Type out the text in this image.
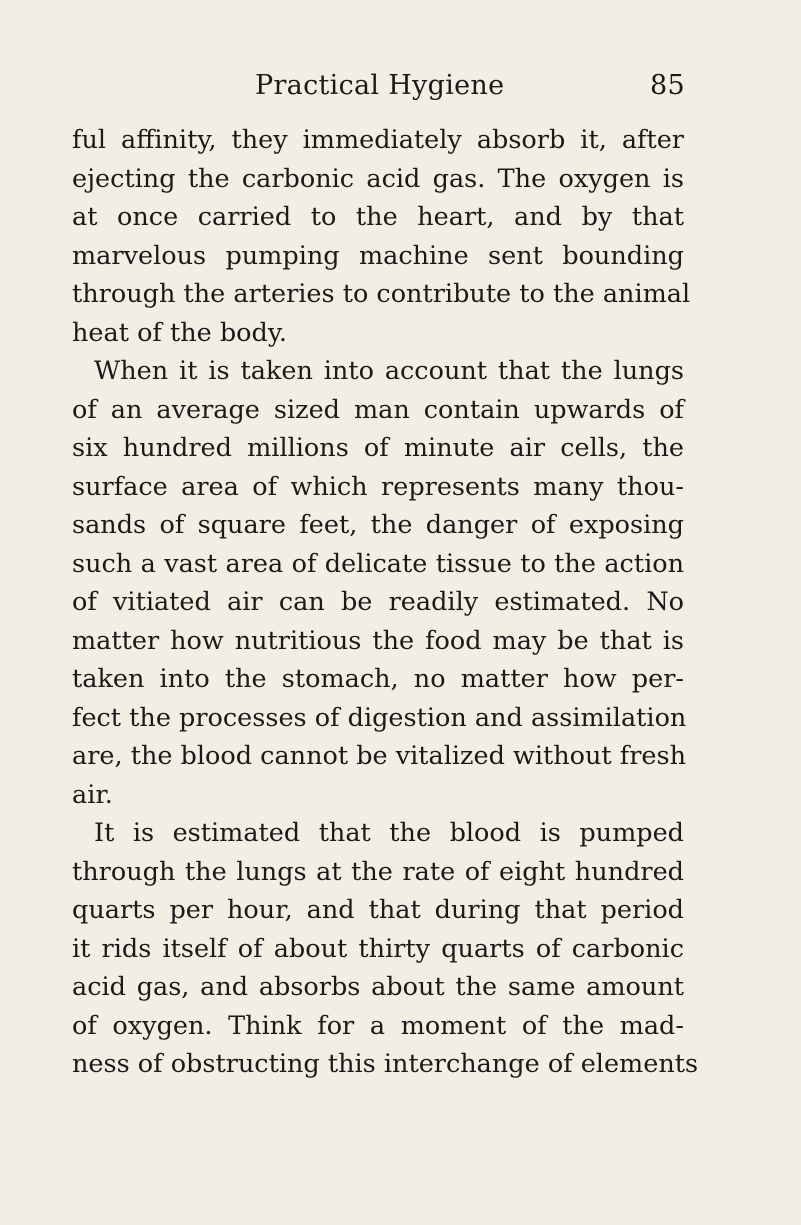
Practical Hygiene	85
ful affinity, they immediately absorb it, after
ejecting the carbonic acid gas. The oxygen is
at once carried to the heart, and by that
marvelous pumping machine sent bounding
through the arteries to contribute to the animal
heat of the body.
When it is taken into account that the lungs
of an average sized man contain upwards of
six hundred millions of minute air cells, the
surface area of which represents many thou-
sands of square feet, the danger of exposing
such a vast area of delicate tissue to the action
of vitiated air can be readily estimated. No
matter how nutritious the food may be that is
taken into the stomach, no matter how per-
fect the processes of digestion and assimilation
are, the blood cannot be vitalized without fresh
air.
It is estimated that the blood is pumped
through the lungs at the rate of eight hundred
quarts per hour, and that during that period
it rids itself of about thirty quarts of carbonic
acid gas, and absorbs about the same amount
of oxygen. Think for a moment of the mad-
ness of obstructing this interchange of elements
